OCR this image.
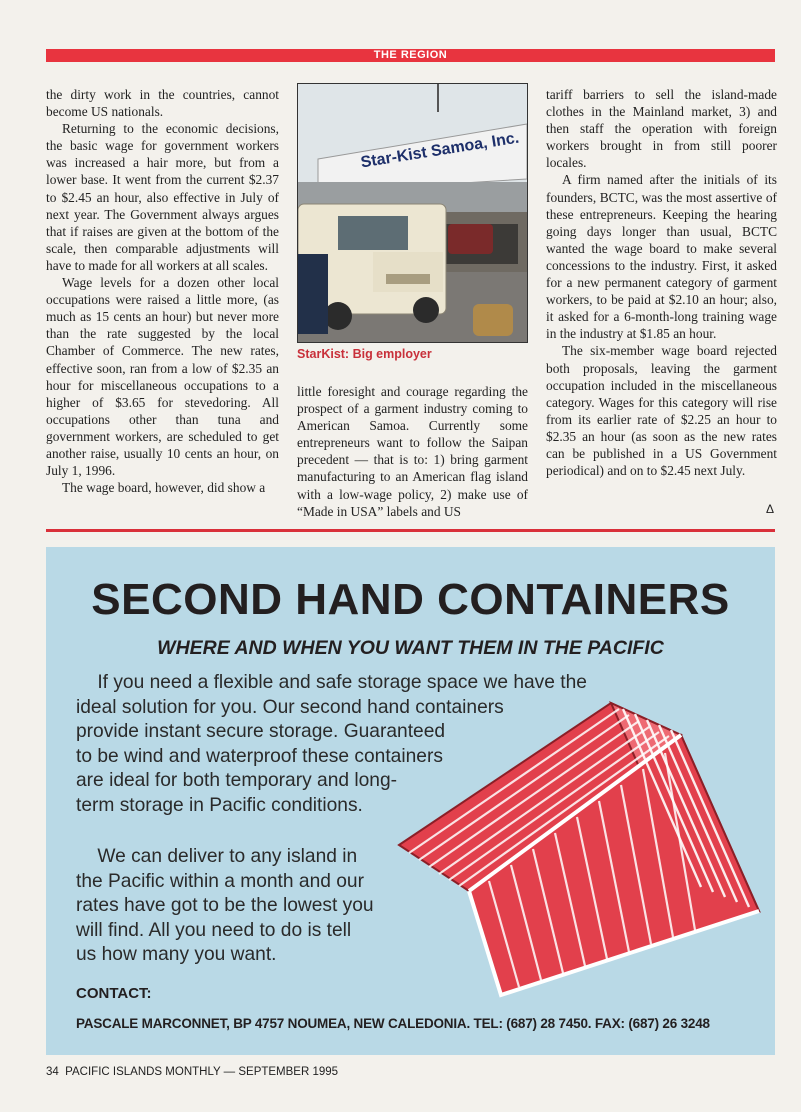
THE REGION

the dirty work in the countries, cannot become US nationals.

Returning to the economic decisions, the basic wage for government workers was increased a hair more, but from a lower base. It went from the current $2.37 to $2.45 an hour, also effective in July of next year. The Government always argues that if raises are given at the bottom of the scale, then comparable adjustments will have to made for all workers at all scales.

Wage levels for a dozen other local occupations were raised a little more, (as much as 15 cents an hour) but never more than the rate suggested by the local Chamber of Commerce. The new rates, effective soon, ran from a low of $2.35 an hour for miscellaneous occupations to a higher of $3.65 for stevedoring. All occupations other than tuna and government workers, are scheduled to get another raise, usually 10 cents an hour, on July 1, 1996.

The wage board, however, did show a

Star-Kist Samoa, Inc.
StarKist: Big employer

little foresight and courage regarding the prospect of a garment industry coming to American Samoa. Currently some entrepreneurs want to follow the Saipan precedent — that is to: 1) bring garment manufacturing to an American flag island with a low-wage policy, 2) make use of “Made in USA” labels and US

tariff barriers to sell the island-made clothes in the Mainland market, 3) and then staff the operation with foreign workers brought in from still poorer locales.

A firm named after the initials of its founders, BCTC, was the most assertive of these entrepreneurs. Keeping the hearing going days longer than usual, BCTC wanted the wage board to make several concessions to the industry. First, it asked for a new permanent category of garment workers, to be paid at $2.10 an hour; also, it asked for a 6-month-long training wage in the industry at $1.85 an hour.

The six-member wage board rejected both proposals, leaving the garment occupation included in the miscellaneous category. Wages for this category will rise from its earlier rate of $2.25 an hour to $2.35 an hour (as soon as the new rates can be published in a US Government periodical) and on to $2.45 next July.

Δ
SECOND HAND CONTAINERS
WHERE AND WHEN YOU WANT THEM IN THE PACIFIC
If you need a flexible and safe storage space we have the
ideal solution for you. Our second hand containers
provide instant secure storage. Guaranteed
to be wind and waterproof these containers
are ideal for both temporary and long-
term storage in Pacific conditions.
We can deliver to any island in
the Pacific within a month and our
rates have got to be the lowest you
will find. All you need to do is tell
us how many you want.
CONTACT:
PASCALE MARCONNET, BP 4757 NOUMEA, NEW CALEDONIA. TEL: (687) 28 7450. FAX: (687) 26 3248
34  PACIFIC ISLANDS MONTHLY — SEPTEMBER 1995
